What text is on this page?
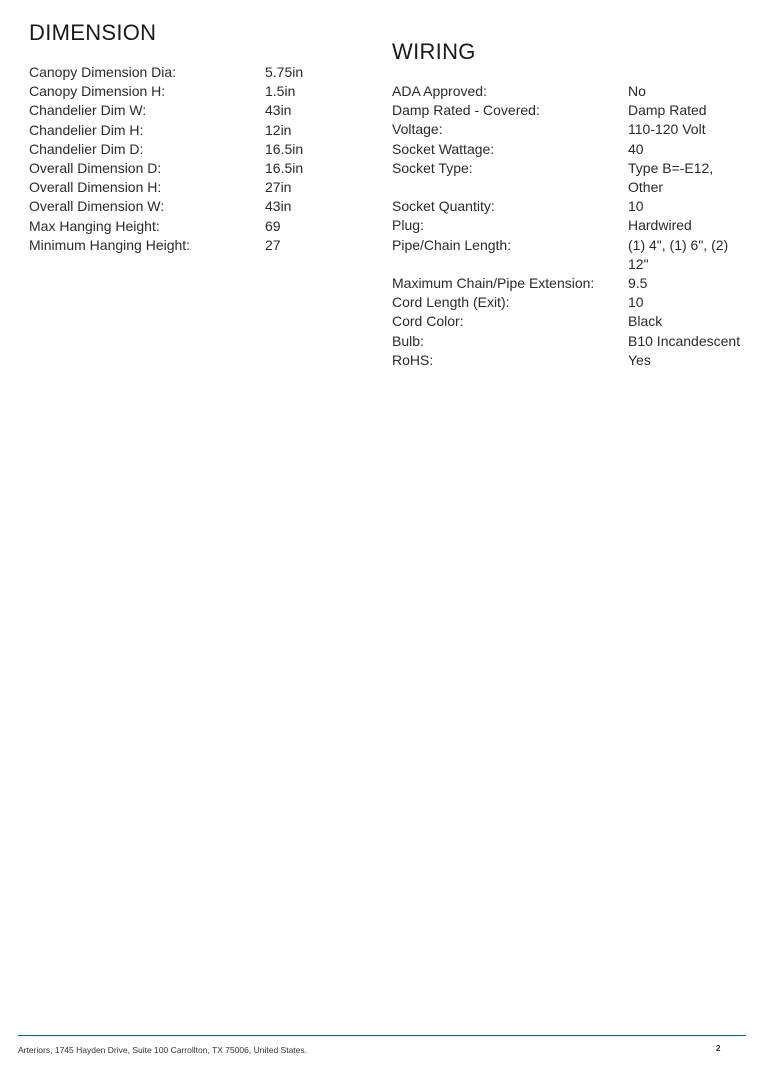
DIMENSION
Canopy Dimension Dia:	5.75in
Canopy Dimension H:	1.5in
Chandelier Dim W:	43in
Chandelier Dim H:	12in
Chandelier Dim D:	16.5in
Overall Dimension D:	16.5in
Overall Dimension H:	27in
Overall Dimension W:	43in
Max Hanging Height:	69
Minimum Hanging Height:	27
WIRING
ADA Approved:	No
Damp Rated - Covered:	Damp Rated
Voltage:	110-120 Volt
Socket Wattage:	40
Socket Type:	Type B=-E12, Other
Socket Quantity:	10
Plug:	Hardwired
Pipe/Chain Length:	(1) 4", (1) 6", (2) 12"
Maximum Chain/Pipe Extension:	9.5
Cord Length (Exit):	10
Cord Color:	Black
Bulb:	B10 Incandescent
RoHS:	Yes
Arteriors, 1745 Hayden Drive, Suite 100 Carrollton, TX 75006, United States.	2
